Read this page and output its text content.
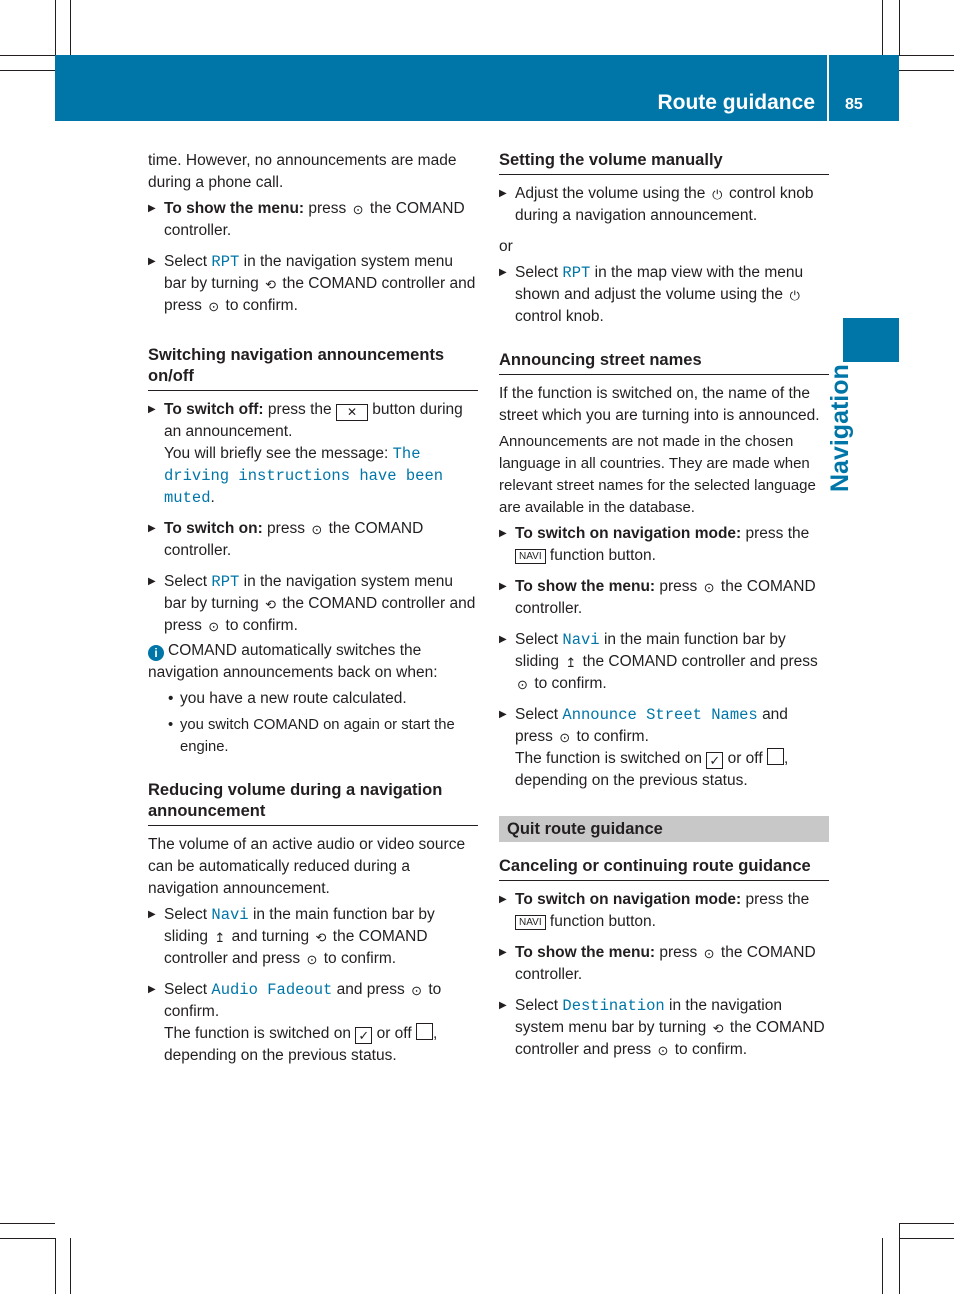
Route guidance 85
Navigation

time. However, no announcements are made during a phone call.

▶ To show the menu: press ⊙ the COMAND controller.
▶ Select RPT in the navigation system menu bar by turning ⟲ the COMAND controller and press ⊙ to confirm.
Switching navigation announcements on/off
▶ To switch off: press the ✕ button during an announcement.
You will briefly see the message: The driving instructions have been muted.
▶ To switch on: press ⊙ the COMAND controller.
▶ Select RPT in the navigation system menu bar by turning ⟲ the COMAND controller and press ⊙ to confirm.

i COMAND automatically switches the navigation announcements back on when:

• you have a new route calculated.
• you switch COMAND on again or start the engine.
Reducing volume during a navigation announcement

The volume of an active audio or video source can be automatically reduced during a navigation announcement.

▶ Select Navi in the main function bar by sliding ↥ and turning ⟲ the COMAND controller and press ⊙ to confirm.
▶ Select Audio Fadeout and press ⊙ to confirm.
The function is switched on ✓ or off , depending on the previous status.
Setting the volume manually
▶ Adjust the volume using the ⏻ control knob during a navigation announcement.

or

▶ Select RPT in the map view with the menu shown and adjust the volume using the ⏻ control knob.
Announcing street names

If the function is switched on, the name of the street which you are turning into is announced.

Announcements are not made in the chosen language in all countries. They are made when relevant street names for the selected language are available in the database.

▶ To switch on navigation mode: press the NAVI function button.
▶ To show the menu: press ⊙ the COMAND controller.
▶ Select Navi in the main function bar by sliding ↥ the COMAND controller and press ⊙ to confirm.
▶ Select Announce Street Names and press ⊙ to confirm.
The function is switched on ✓ or off , depending on the previous status.
Quit route guidance
Canceling or continuing route guidance
▶ To switch on navigation mode: press the NAVI function button.
▶ To show the menu: press ⊙ the COMAND controller.
▶ Select Destination in the navigation system menu bar by turning ⟲ the COMAND controller and press ⊙ to confirm.
